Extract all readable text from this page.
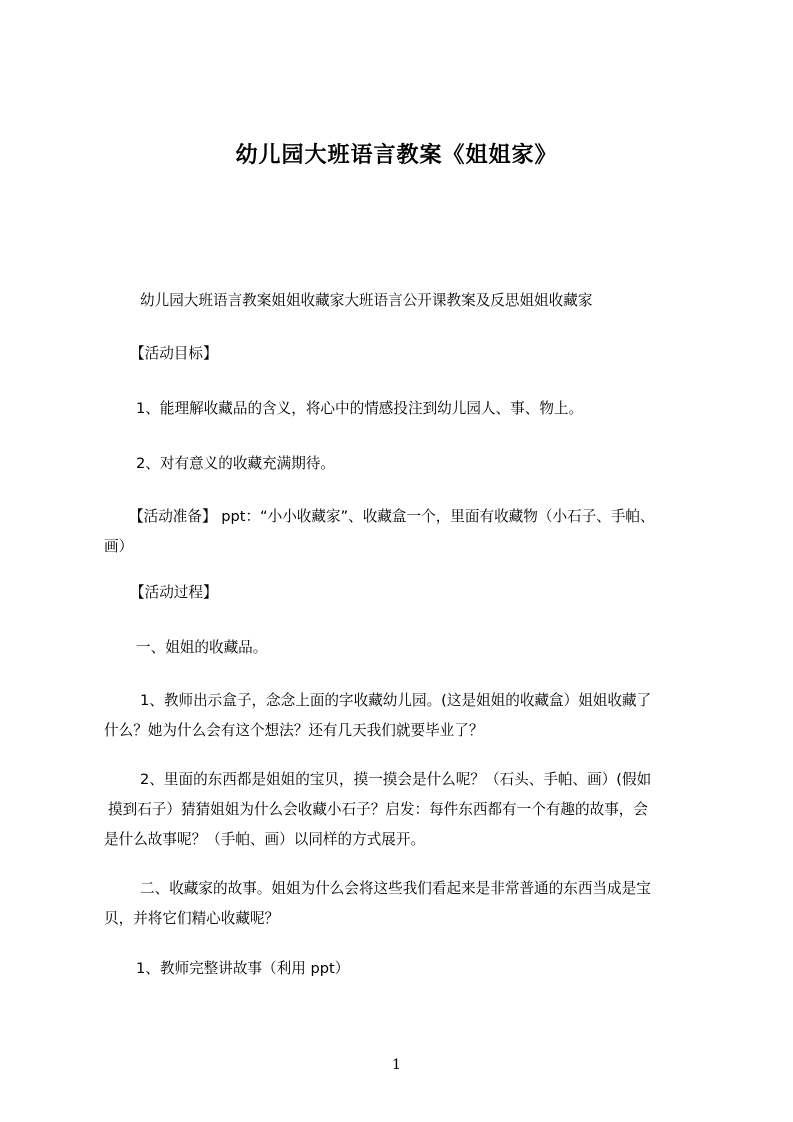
幼儿园大班语言教案《姐姐家》
幼儿园大班语言教案姐姐收藏家大班语言公开课教案及反思姐姐收藏家
【活动目标】
1、能理解收藏品的含义，将心中的情感投注到幼儿园人、事、物上。
2、对有意义的收藏充满期待。
【活动准备】 ppt：“小小收藏家”、收藏盒一个，里面有收藏物（小石子、手帕、
画）
【活动过程】
一、姐姐的收藏品。
1、教师出示盒子，念念上面的字收藏幼儿园。(这是姐姐的收藏盒）姐姐收藏了
什么？她为什么会有这个想法？还有几天我们就要毕业了？
2、里面的东西都是姐姐的宝贝，摸一摸会是什么呢？（石头、手帕、画）(假如
摸到石子）猜猜姐姐为什么会收藏小石子？启发：每件东西都有一个有趣的故事，会
是什么故事呢？（手帕、画）以同样的方式展开。
二、收藏家的故事。姐姐为什么会将这些我们看起来是非常普通的东西当成是宝
贝，并将它们精心收藏呢？
1、教师完整讲故事（利用 ppt）
1
